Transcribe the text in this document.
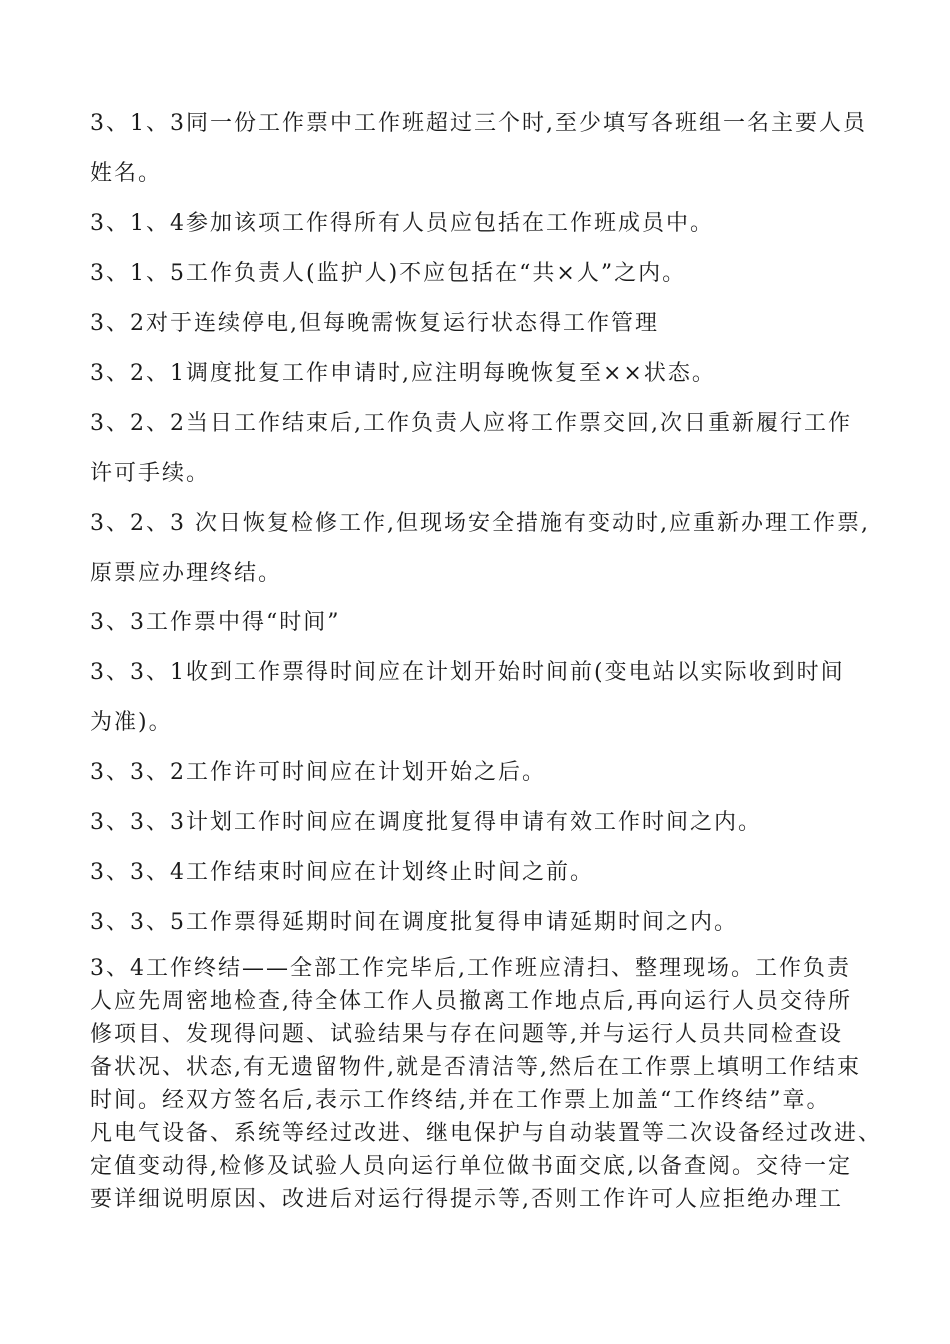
3、1、3同一份工作票中工作班超过三个时,至少填写各班组一名主要人员
姓名。
3、1、4参加该项工作得所有人员应包括在工作班成员中。
3、1、5工作负责人(监护人)不应包括在“共×人”之内。
3、2对于连续停电,但每晚需恢复运行状态得工作管理
3、2、1调度批复工作申请时,应注明每晚恢复至××状态。
3、2、2当日工作结束后,工作负责人应将工作票交回,次日重新履行工作
许可手续。
3、2、3 次日恢复检修工作,但现场安全措施有变动时,应重新办理工作票,
原票应办理终结。
3、3工作票中得“时间”
3、3、1收到工作票得时间应在计划开始时间前(变电站以实际收到时间
为准)。
3、3、2工作许可时间应在计划开始之后。
3、3、3计划工作时间应在调度批复得申请有效工作时间之内。
3、3、4工作结束时间应在计划终止时间之前。
3、3、5工作票得延期时间在调度批复得申请延期时间之内。
3、4工作终结——全部工作完毕后,工作班应清扫、整理现场。工作负责
人应先周密地检查,待全体工作人员撤离工作地点后,再向运行人员交待所
修项目、发现得问题、试验结果与存在问题等,并与运行人员共同检查设
备状况、状态,有无遗留物件,就是否清洁等,然后在工作票上填明工作结束
时间。经双方签名后,表示工作终结,并在工作票上加盖“工作终结”章。
凡电气设备、系统等经过改进、继电保护与自动装置等二次设备经过改进、
定值变动得,检修及试验人员向运行单位做书面交底,以备查阅。交待一定
要详细说明原因、改进后对运行得提示等,否则工作许可人应拒绝办理工
